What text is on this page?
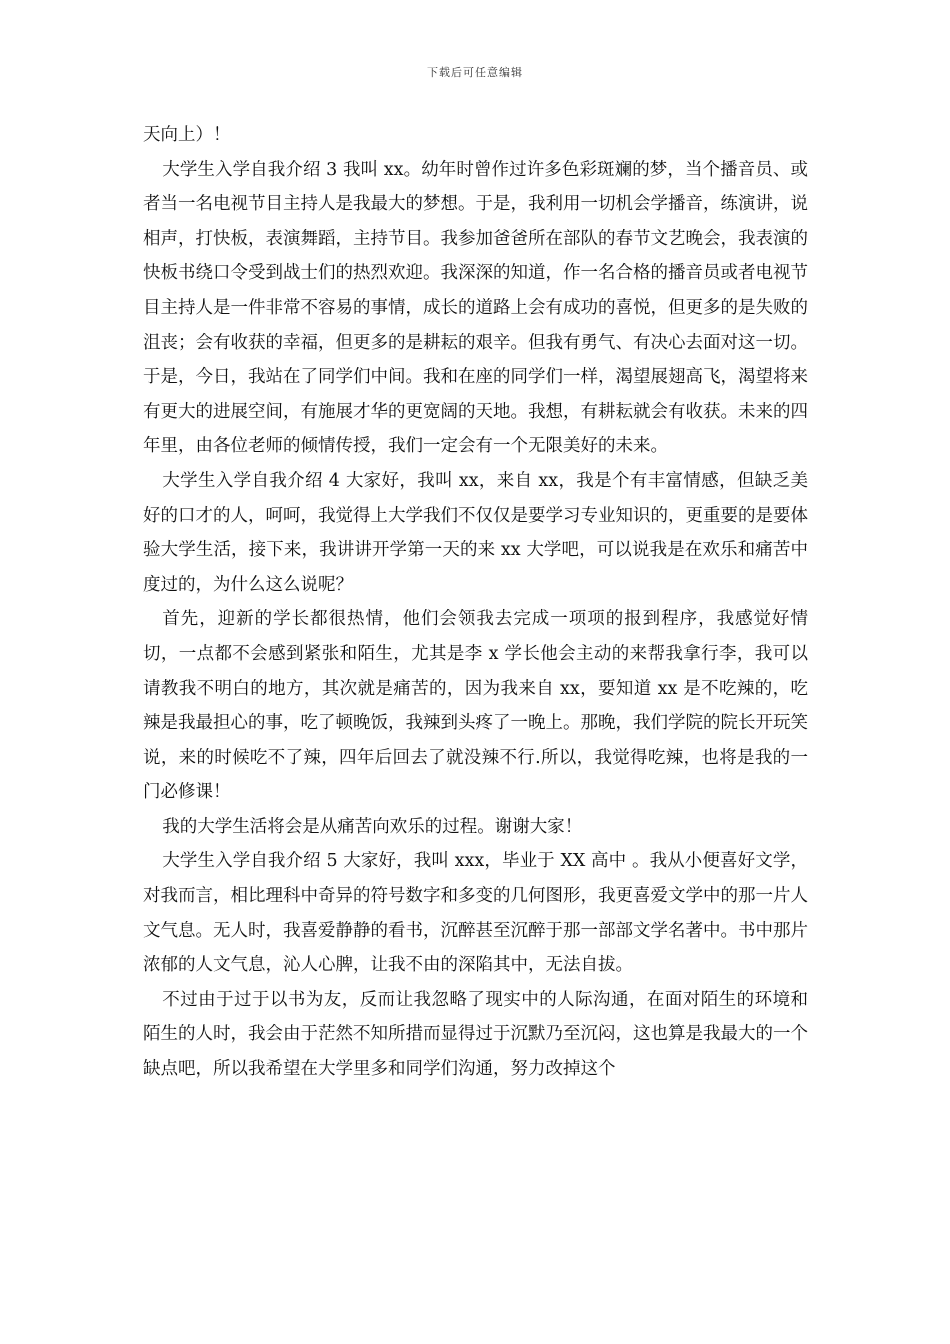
下载后可任意编辑

天向上）！

大学生入学自我介绍 3 我叫 xx。幼年时曾作过许多色彩斑斓的梦，当个播音员、或者当一名电视节目主持人是我最大的梦想。于是，我利用一切机会学播音，练演讲，说相声，打快板，表演舞蹈，主持节目。我参加爸爸所在部队的春节文艺晚会，我表演的快板书绕口令受到战士们的热烈欢迎。我深深的知道，作一名合格的播音员或者电视节目主持人是一件非常不容易的事情，成长的道路上会有成功的喜悦，但更多的是失败的沮丧；会有收获的幸福，但更多的是耕耘的艰辛。但我有勇气、有决心去面对这一切。于是，今日，我站在了同学们中间。我和在座的同学们一样，渴望展翅高飞，渴望将来有更大的进展空间，有施展才华的更宽阔的天地。我想，有耕耘就会有收获。未来的四年里，由各位老师的倾情传授，我们一定会有一个无限美好的未来。

大学生入学自我介绍 4 大家好，我叫 xx，来自 xx，我是个有丰富情感，但缺乏美好的口才的人，呵呵，我觉得上大学我们不仅仅是要学习专业知识的，更重要的是要体验大学生活，接下来，我讲讲开学第一天的来 xx 大学吧，可以说我是在欢乐和痛苦中度过的，为什么这么说呢？

首先，迎新的学长都很热情，他们会领我去完成一项项的报到程序，我感觉好情切，一点都不会感到紧张和陌生，尤其是李 x 学长他会主动的来帮我拿行李，我可以请教我不明白的地方，其次就是痛苦的，因为我来自 xx，要知道 xx 是不吃辣的，吃辣是我最担心的事，吃了顿晚饭，我辣到头疼了一晚上。那晚，我们学院的院长开玩笑说，来的时候吃不了辣，四年后回去了就没辣不行.所以，我觉得吃辣，也将是我的一门必修课！

我的大学生活将会是从痛苦向欢乐的过程。谢谢大家！

大学生入学自我介绍 5 大家好，我叫 xxx，毕业于 XX 高中 。我从小便喜好文学，对我而言，相比理科中奇异的符号数字和多变的几何图形，我更喜爱文学中的那一片人文气息。无人时，我喜爱静静的看书，沉醉甚至沉醉于那一部部文学名著中。书中那片浓郁的人文气息，沁人心脾，让我不由的深陷其中，无法自拔。

不过由于过于以书为友，反而让我忽略了现实中的人际沟通，在面对陌生的环境和陌生的人时，我会由于茫然不知所措而显得过于沉默乃至沉闷，这也算是我最大的一个缺点吧，所以我希望在大学里多和同学们沟通，努力改掉这个
